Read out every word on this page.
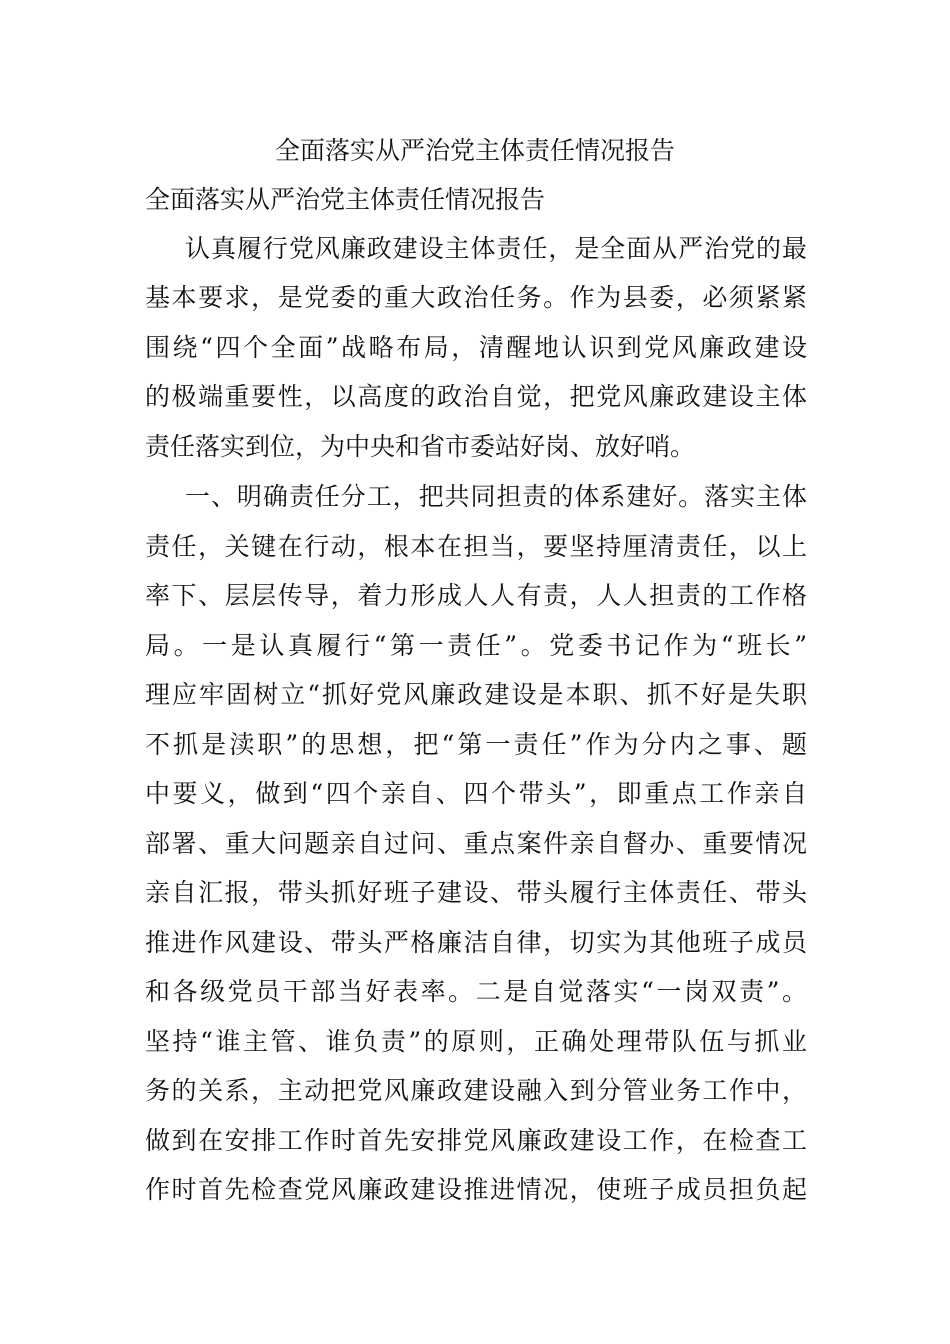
全面落实从严治党主体责任情况报告
全面落实从严治党主体责任情况报告
认真履行党风廉政建设主体责任，是全面从严治党的最
基本要求，是党委的重大政治任务。作为县委，必须紧紧
围绕“四个全面”战略布局，清醒地认识到党风廉政建设
的极端重要性，以高度的政治自觉，把党风廉政建设主体
责任落实到位，为中央和省市委站好岗、放好哨。
一、明确责任分工，把共同担责的体系建好。落实主体
责任，关键在行动，根本在担当，要坚持厘清责任，以上
率下、层层传导，着力形成人人有责，人人担责的工作格
局。一是认真履行“第一责任”。党委书记作为“班长”
理应牢固树立“抓好党风廉政建设是本职、抓不好是失职
不抓是渎职”的思想，把“第一责任”作为分内之事、题
中要义，做到“四个亲自、四个带头”，即重点工作亲自
部署、重大问题亲自过问、重点案件亲自督办、重要情况
亲自汇报，带头抓好班子建设、带头履行主体责任、带头
推进作风建设、带头严格廉洁自律，切实为其他班子成员
和各级党员干部当好表率。二是自觉落实“一岗双责”。
坚持“谁主管、谁负责”的原则，正确处理带队伍与抓业
务的关系，主动把党风廉政建设融入到分管业务工作中，
做到在安排工作时首先安排党风廉政建设工作，在检查工
作时首先检查党风廉政建设推进情况，使班子成员担负起
